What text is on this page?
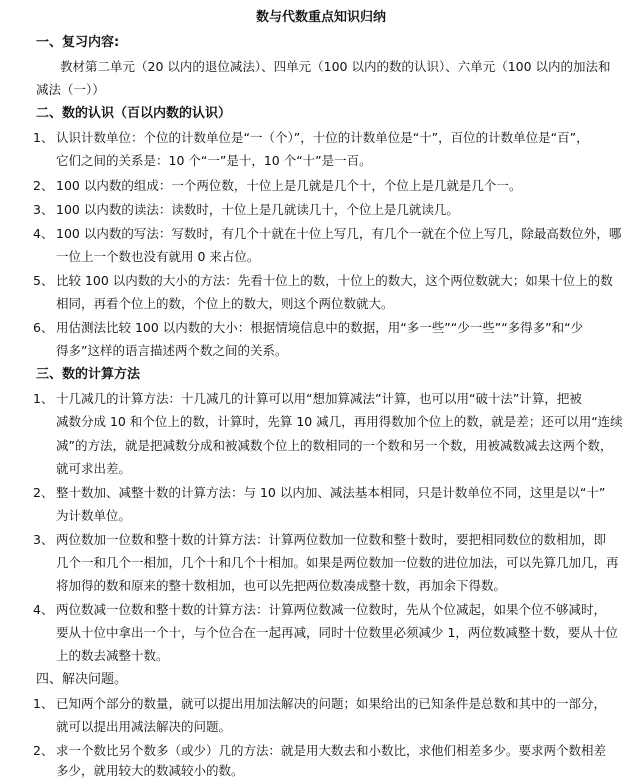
数与代数重点知识归纳
一、复习内容:
教材第二单元（20 以内的退位减法）、四单元（100 以内的数的认识）、六单元（100 以内的加法和
减法（一））
二、数的认识（百以内数的认识）
1、 认识计数单位：个位的计数单位是“一（个）”，十位的计数单位是“十”，百位的计数单位是“百”，
它们之间的关系是：10 个“一”是十，10 个“十”是一百。
2、 100 以内数的组成：一个两位数，十位上是几就是几个十，个位上是几就是几个一。
3、 100 以内数的读法：读数时，十位上是几就读几十，个位上是几就读几。
4、 100 以内数的写法：写数时，有几个十就在十位上写几，有几个一就在个位上写几，除最高数位外，哪
一位上一个数也没有就用 0 来占位。
5、 比较 100 以内数的大小的方法：先看十位上的数，十位上的数大，这个两位数就大；如果十位上的数
相同，再看个位上的数，个位上的数大，则这个两位数就大。
6、 用估测法比较 100 以内数的大小：根据情境信息中的数据，用“多一些”“少一些”“多得多”和“少
得多”这样的语言描述两个数之间的关系。
三、数的计算方法
1、 十几减几的计算方法：十几减几的计算可以用“想加算减法”计算，也可以用“破十法”计算，把被
减数分成 10 和个位上的数，计算时，先算 10 减几，再用得数加个位上的数，就是差；还可以用“连续
减”的方法，就是把减数分成和被减数个位上的数相同的一个数和另一个数，用被减数减去这两个数，
就可求出差。
2、 整十数加、减整十数的计算方法：与 10 以内加、减法基本相同，只是计数单位不同，这里是以“十”
为计数单位。
3、 两位数加一位数和整十数的计算方法：计算两位数加一位数和整十数时，要把相同数位的数相加，即
几个一和几个一相加，几个十和几个十相加。如果是两位数加一位数的进位加法，可以先算几加几，再
将加得的数和原来的整十数相加，也可以先把两位数凑成整十数，再加余下得数。
4、 两位数减一位数和整十数的计算方法：计算两位数减一位数时，先从个位减起，如果个位不够减时，
要从十位中拿出一个十，与个位合在一起再减，同时十位数里必须减少 1，两位数减整十数，要从十位
上的数去减整十数。
四、解决问题。
1、 已知两个部分的数量，就可以提出用加法解决的问题；如果给出的已知条件是总数和其中的一部分，
就可以提出用减法解决的问题。
2、 求一个数比另个数多（或少）几的方法：就是用大数去和小数比，求他们相差多少。要求两个数相差
多少，就用较大的数减较小的数。
